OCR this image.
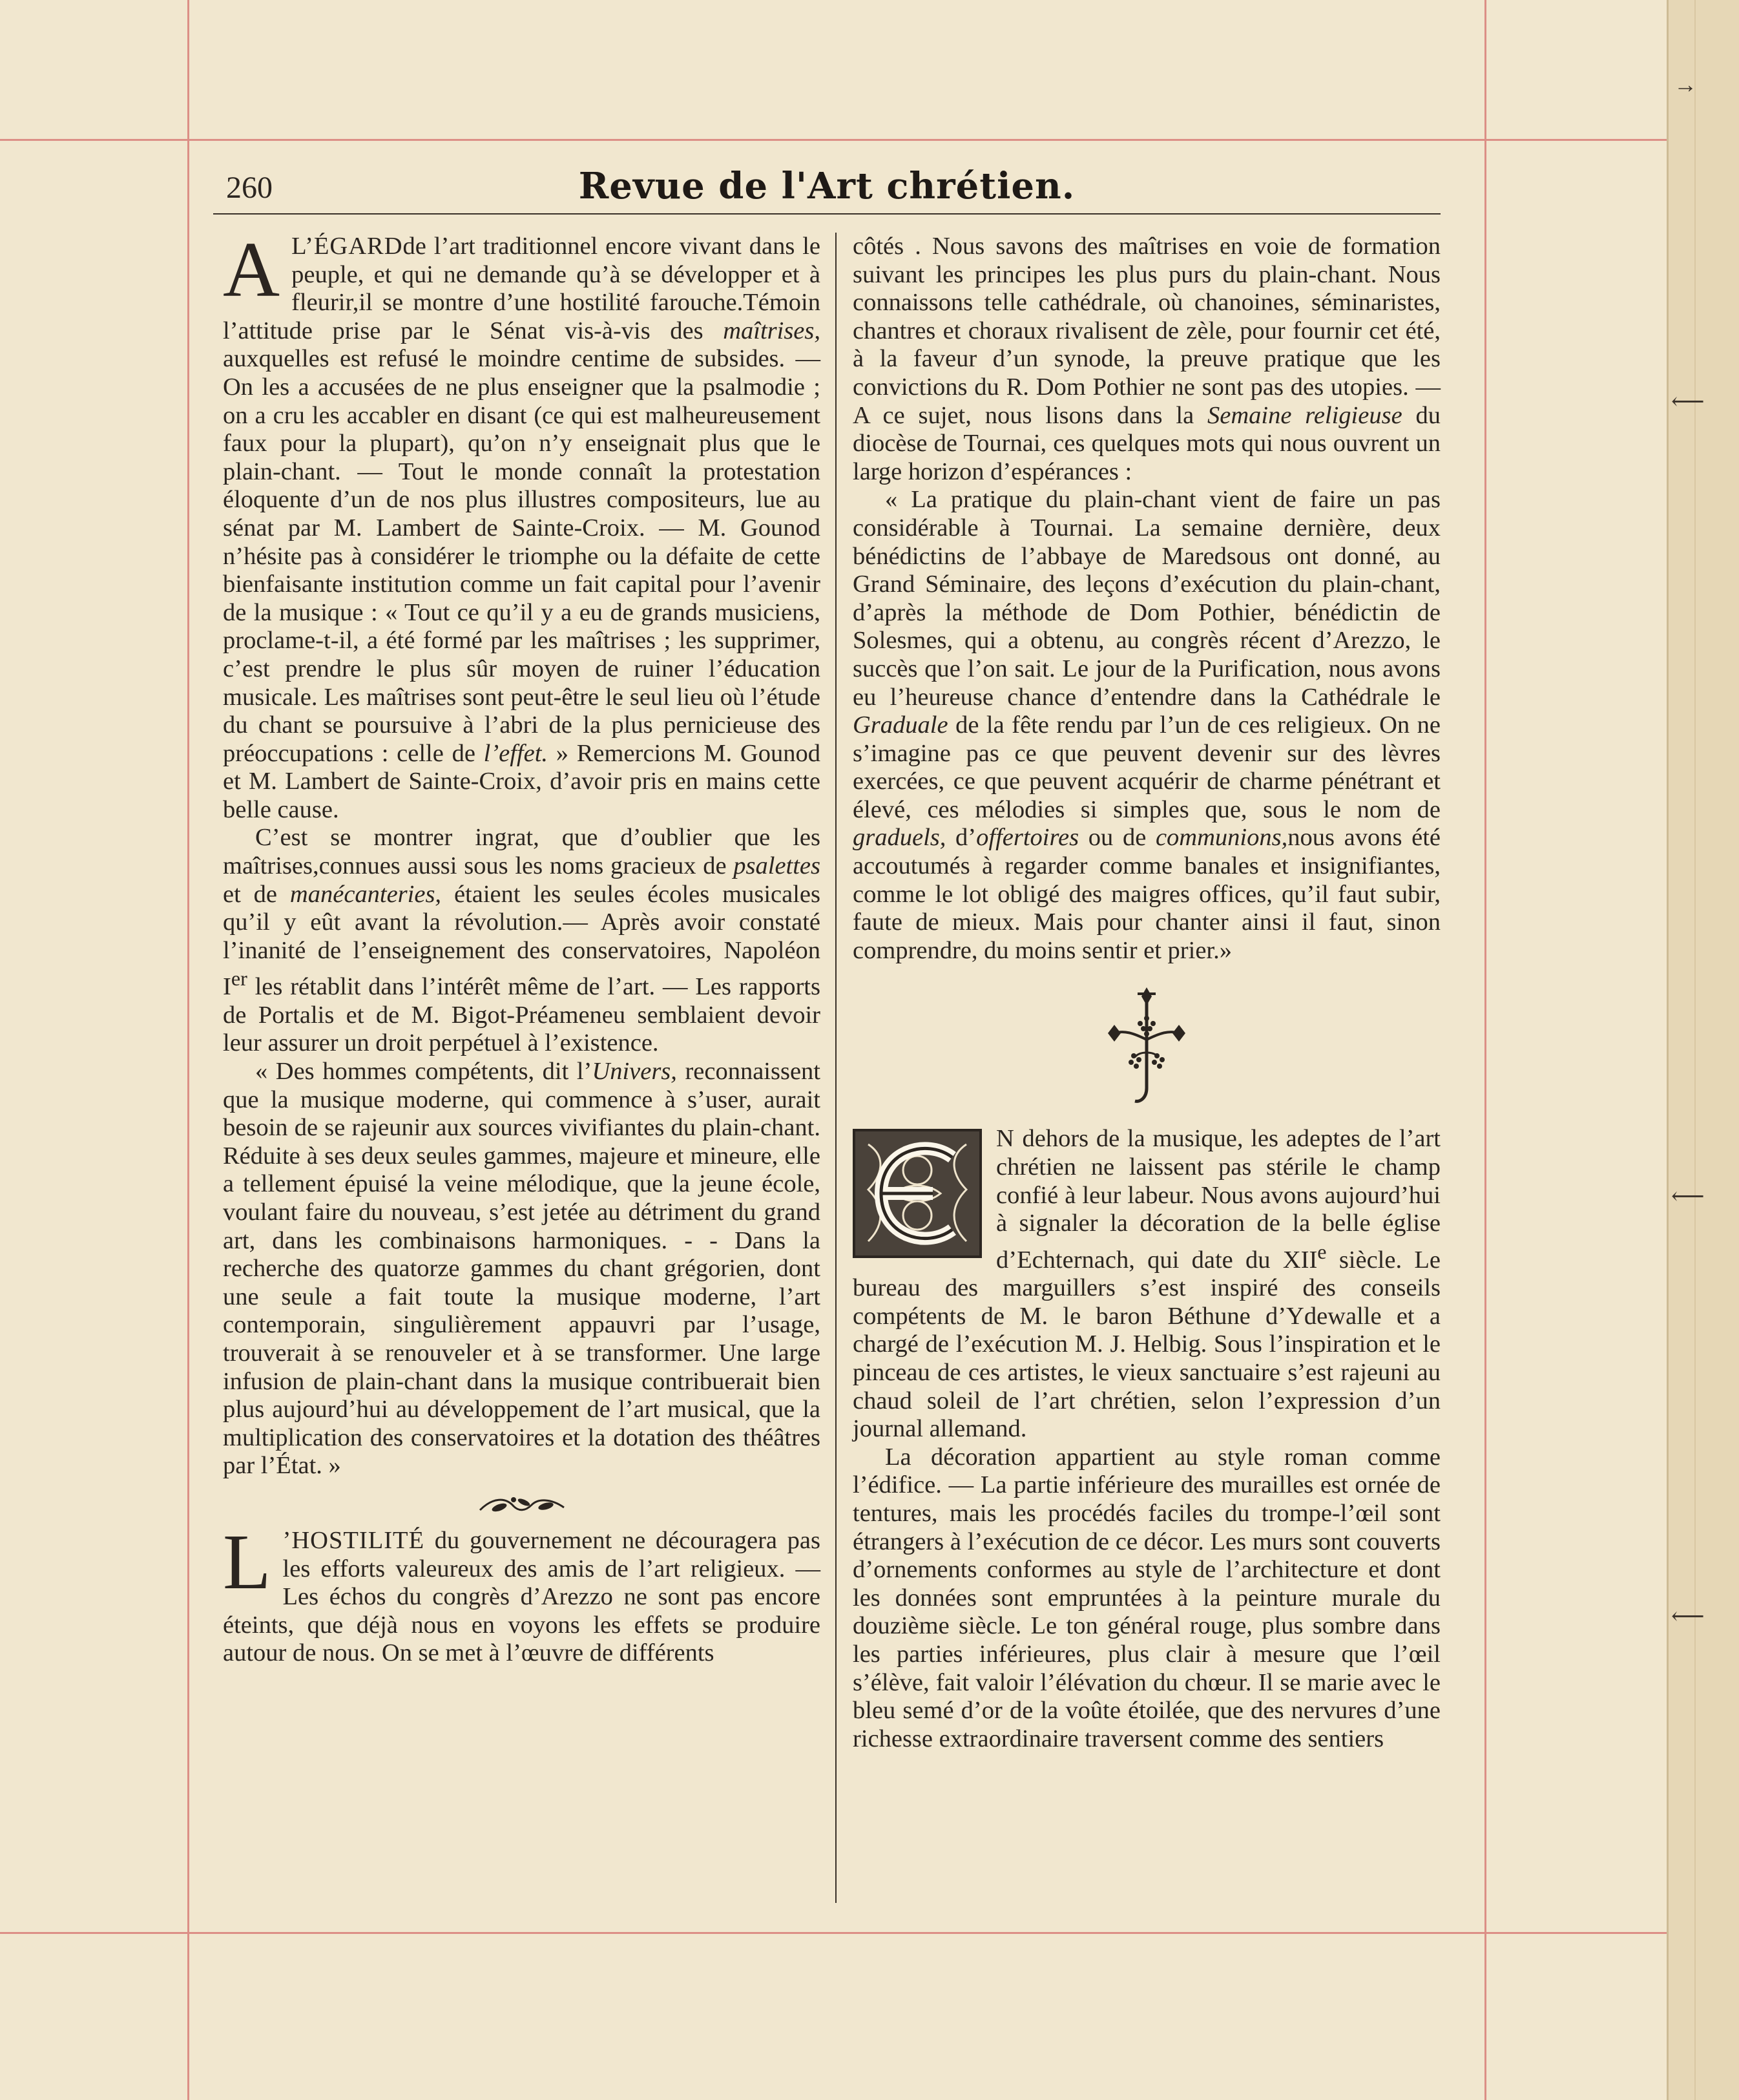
260	Revue de l'Art chrétien.

A L’ÉGARDde l’art traditionnel encore vivant dans le peuple, et qui ne demande qu’à se développer et à fleurir,il se montre d’une hostilité farouche.Témoin l’attitude prise par le Sénat vis-à-vis des maîtrises, auxquelles est refusé le moindre centime de subsides. — On les a accusées de ne plus enseigner que la psalmodie ; on a cru les accabler en disant (ce qui est malheureusement faux pour la plupart), qu’on n’y enseignait plus que le plain-chant. — Tout le monde connaît la protestation éloquente d’un de nos plus illustres compositeurs, lue au sénat par M. Lambert de Sainte-Croix. — M. Gounod n’hésite pas à considérer le triomphe ou la défaite de cette bienfaisante institution comme un fait capital pour l’avenir de la musique : « Tout ce qu’il y a eu de grands musiciens, proclame-t-il, a été formé par les maîtrises ; les supprimer, c’est prendre le plus sûr moyen de ruiner l’éducation musicale. Les maîtrises sont peut-être le seul lieu où l’étude du chant se poursuive à l’abri de la plus pernicieuse des préoccupations : celle de l’effet. » Remercions M. Gounod et M. Lambert de Sainte-Croix, d’avoir pris en mains cette belle cause.

C’est se montrer ingrat, que d’oublier que les maîtrises,connues aussi sous les noms gracieux de psalettes et de manécanteries, étaient les seules écoles musicales qu’il y eût avant la révolution.— Après avoir constaté l’inanité de l’enseignement des conservatoires, Napoléon Ier les rétablit dans l’intérêt même de l’art. — Les rapports de Portalis et de M. Bigot-Préameneu semblaient devoir leur assurer un droit perpétuel à l’existence.

« Des hommes compétents, dit l’Univers, reconnaissent que la musique moderne, qui commence à s’user, aurait besoin de se rajeunir aux sources vivifiantes du plain-chant. Réduite à ses deux seules gammes, majeure et mineure, elle a tellement épuisé la veine mélodique, que la jeune école, voulant faire du nouveau, s’est jetée au détriment du grand art, dans les combinaisons harmoniques. - - Dans la recherche des quatorze gammes du chant grégorien, dont une seule a fait toute la musique moderne, l’art contemporain, singulièrement appauvri par l’usage, trouverait à se renouveler et à se transformer. Une large infusion de plain-chant dans la musique contribuerait bien plus aujourd’hui au développement de l’art musical, que la multiplication des conservatoires et la dotation des théâtres par l’État. »

L ’HOSTILITÉ du gouvernement ne découragera pas les efforts valeureux des amis de l’art religieux. — Les échos du congrès d’Arezzo ne sont pas encore éteints, que déjà nous en voyons les effets se produire autour de nous. On se met à l’œuvre de différents

côtés . Nous savons des maîtrises en voie de formation suivant les principes les plus purs du plain-chant. Nous connaissons telle cathédrale, où chanoines, séminaristes, chantres et choraux rivalisent de zèle, pour fournir cet été, à la faveur d’un synode, la preuve pratique que les convictions du R. Dom Pothier ne sont pas des utopies. — A ce sujet, nous lisons dans la Semaine religieuse du diocèse de Tournai, ces quelques mots qui nous ouvrent un large horizon d’espérances :

« La pratique du plain-chant vient de faire un pas considérable à Tournai. La semaine dernière, deux bénédictins de l’abbaye de Maredsous ont donné, au Grand Séminaire, des leçons d’exécution du plain-chant, d’après la méthode de Dom Pothier, bénédictin de Solesmes, qui a obtenu, au congrès récent d’Arezzo, le succès que l’on sait. Le jour de la Purification, nous avons eu l’heureuse chance d’entendre dans la Cathédrale le Graduale de la fête rendu par l’un de ces religieux. On ne s’imagine pas ce que peuvent devenir sur des lèvres exercées, ce que peuvent acquérir de charme pénétrant et élevé, ces mélodies si simples que, sous le nom de graduels, d’offertoires ou de communions,nous avons été accoutumés à regarder comme banales et insignifiantes, comme le lot obligé des maigres offices, qu’il faut subir, faute de mieux. Mais pour chanter ainsi il faut, sinon comprendre, du moins sentir et prier.»

N dehors de la musique, les adeptes de l’art chrétien ne laissent pas stérile le champ confié à leur labeur. Nous avons aujourd’hui à signaler la décoration de la belle église d’Echternach, qui date du XIIe siècle. Le bureau des marguillers s’est inspiré des conseils compétents de M. le baron Béthune d’Ydewalle et a chargé de l’exécution M. J. Helbig. Sous l’inspiration et le pinceau de ces artistes, le vieux sanctuaire s’est rajeuni au chaud soleil de l’art chrétien, selon l’expression d’un journal allemand.

La décoration appartient au style roman comme l’édifice. — La partie inférieure des murailles est ornée de tentures, mais les procédés faciles du trompe-l’œil sont étrangers à l’exécution de ce décor. Les murs sont couverts d’ornements conformes au style de l’architecture et dont les données sont empruntées à la peinture murale du douzième siècle. Le ton général rouge, plus sombre dans les parties inférieures, plus clair à mesure que l’œil s’élève, fait valoir l’élévation du chœur. Il se marie avec le bleu semé d’or de la voûte étoilée, que des nervures d’une richesse extraordinaire traversent comme des sentiers

→
⟵
⟵
⟵
